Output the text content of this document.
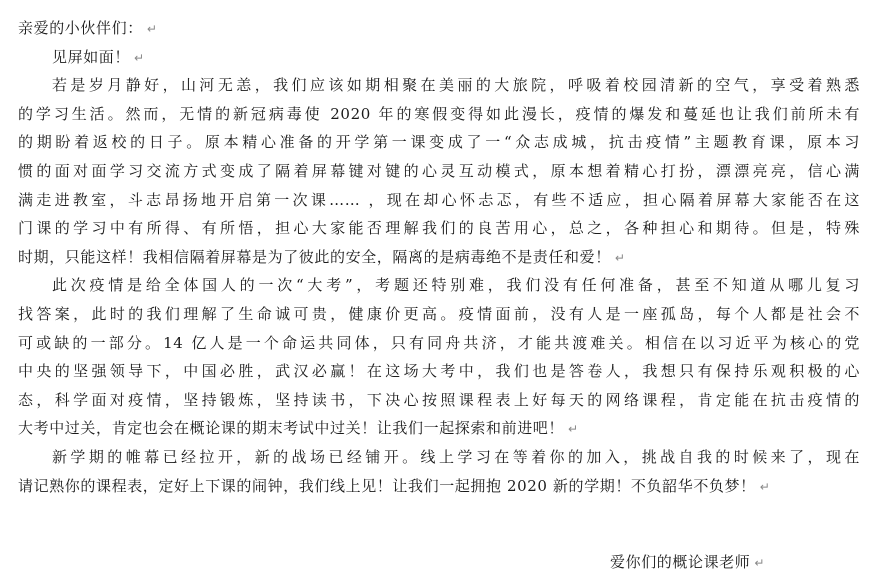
亲爱的小伙伴们： ↵
见屏如面！ ↵
若是岁月静好，山河无恙，我们应该如期相聚在美丽的大旅院，呼吸着校园清新的空气，享受着熟悉
的学习生活。然而，无情的新冠病毒使 2020 年的寒假变得如此漫长，疫情的爆发和蔓延也让我们前所未有
的期盼着返校的日子。原本精心准备的开学第一课变成了一“众志成城，抗击疫情”主题教育课，原本习
惯的面对面学习交流方式变成了隔着屏幕键对键的心灵互动模式，原本想着精心打扮，漂漂亮亮，信心满
满走进教室，斗志昂扬地开启第一次课…… ，现在却心怀忐忑，有些不适应，担心隔着屏幕大家能否在这
门课的学习中有所得、有所悟，担心大家能否理解我们的良苦用心，总之，各种担心和期待。但是，特殊
时期，只能这样！我相信隔着屏幕是为了彼此的安全，隔离的是病毒绝不是责任和爱！ ↵
此次疫情是给全体国人的一次“大考”，考题还特别难，我们没有任何准备，甚至不知道从哪儿复习
找答案，此时的我们理解了生命诚可贵，健康价更高。疫情面前，没有人是一座孤岛，每个人都是社会不
可或缺的一部分。14 亿人是一个命运共同体，只有同舟共济，才能共渡难关。相信在以习近平为核心的党
中央的坚强领导下，中国必胜，武汉必赢！在这场大考中，我们也是答卷人，我想只有保持乐观积极的心
态，科学面对疫情，坚持锻炼，坚持读书，下决心按照课程表上好每天的网络课程，肯定能在抗击疫情的
大考中过关，肯定也会在概论课的期末考试中过关！让我们一起探索和前进吧！ ↵
新学期的帷幕已经拉开，新的战场已经铺开。线上学习在等着你的加入，挑战自我的时候来了，现在
请记熟你的课程表，定好上下课的闹钟，我们线上见！让我们一起拥抱 2020 新的学期！不负韶华不负梦！ ↵
爱你们的概论课老师 ↵
